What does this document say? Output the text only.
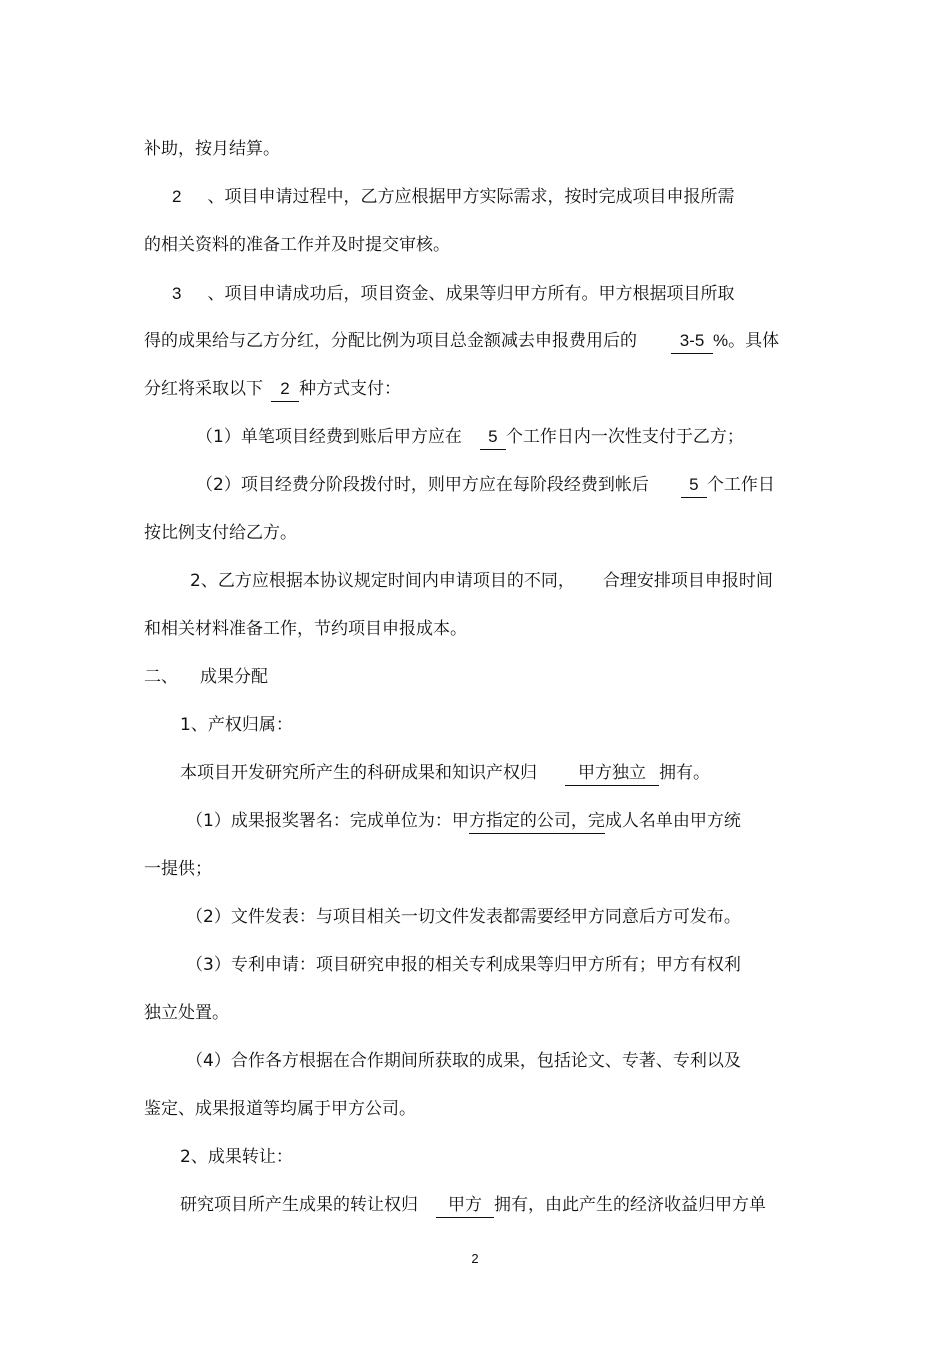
补助，按月结算。
2 、项目申请过程中，乙方应根据甲方实际需求，按时完成项目申报所需
的相关资料的准备工作并及时提交审核。
3 、项目申请成功后，项目资金、成果等归甲方所有。甲方根据项目所取
得的成果给与乙方分红，分配比例为项目总金额减去申报费用后的	3-5 %。具体
分红将采取以下 2 种方式支付：
（1）单笔项目经费到账后甲方应在 5 个工作日内一次性支付于乙方；
（2）项目经费分阶段拨付时，则甲方应在每阶段经费到帐后 5 个工作日
按比例支付给乙方。
2、乙方应根据本协议规定时间内申请项目的不同， 合理安排项目申报时间
和相关材料准备工作，节约项目申报成本。
二、 成果分配
1、产权归属：
本项目开发研究所产生的科研成果和知识产权归 甲方独立 拥有。
（1）成果报奖署名：完成单位为：甲方指定的公司，完成人名单由甲方统
一提供；
（2）文件发表：与项目相关一切文件发表都需要经甲方同意后方可发布。
（3）专利申请：项目研究申报的相关专利成果等归甲方所有；甲方有权利
独立处置。
（4）合作各方根据在合作期间所获取的成果，包括论文、专著、专利以及
鉴定、成果报道等均属于甲方公司。
2、成果转让：
研究项目所产生成果的转让权归 甲方 拥有，由此产生的经济收益归甲方单
2
